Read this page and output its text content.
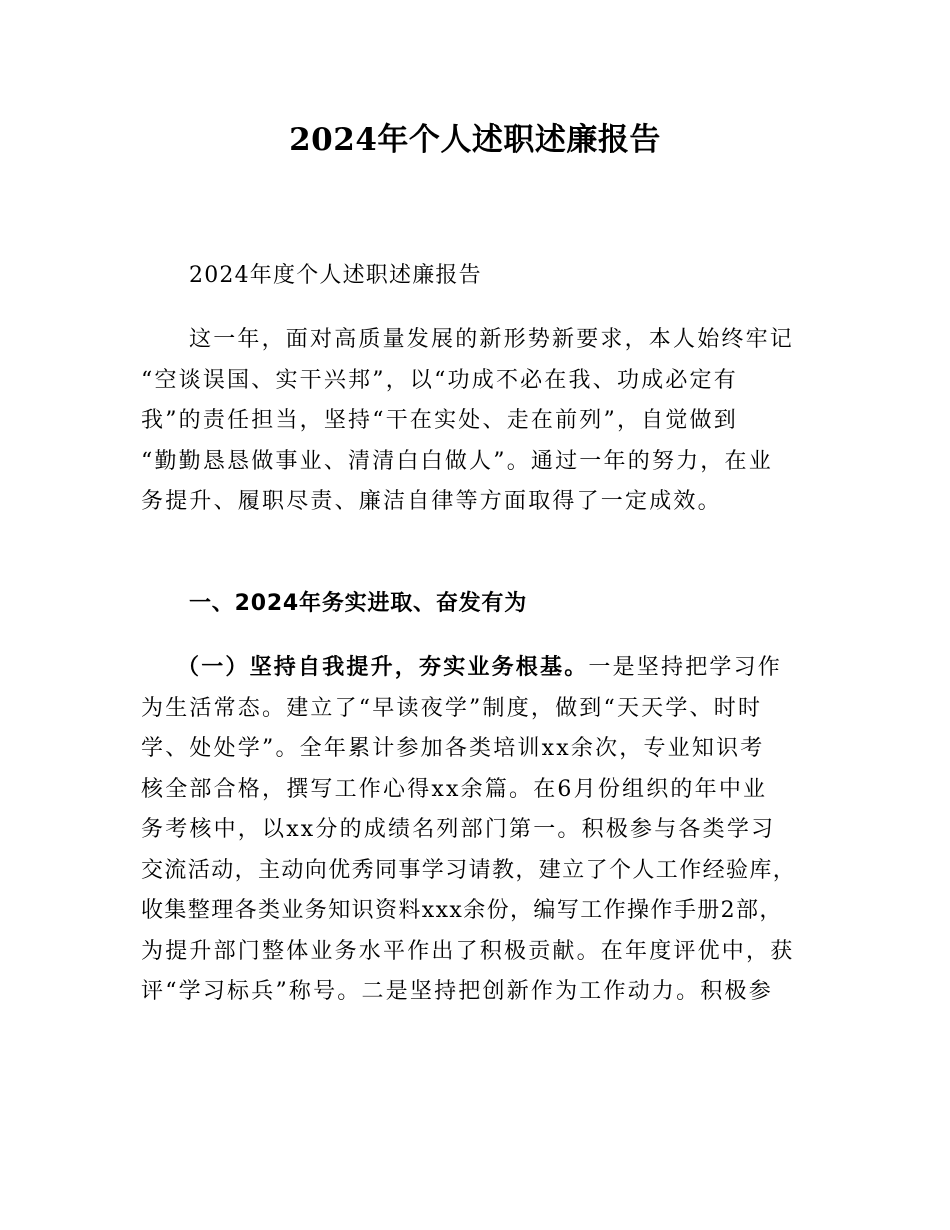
2024年个人述职述廉报告
2024年度个人述职述廉报告
这一年，面对高质量发展的新形势新要求，本人始终牢记
“空谈误国、实干兴邦”，以“功成不必在我、功成必定有
我”的责任担当，坚持“干在实处、走在前列”，自觉做到
“勤勤恳恳做事业、清清白白做人”。通过一年的努力，在业
务提升、履职尽责、廉洁自律等方面取得了一定成效。
一、2024年务实进取、奋发有为
（一）坚持自我提升，夯实业务根基。一是坚持把学习作
为生活常态。建立了“早读夜学”制度，做到“天天学、时时
学、处处学”。全年累计参加各类培训xx余次，专业知识考
核全部合格，撰写工作心得xx余篇。在6月份组织的年中业
务考核中，以xx分的成绩名列部门第一。积极参与各类学习
交流活动，主动向优秀同事学习请教，建立了个人工作经验库，
收集整理各类业务知识资料xxx余份，编写工作操作手册2部，
为提升部门整体业务水平作出了积极贡献。在年度评优中，获
评“学习标兵”称号。二是坚持把创新作为工作动力。积极参
